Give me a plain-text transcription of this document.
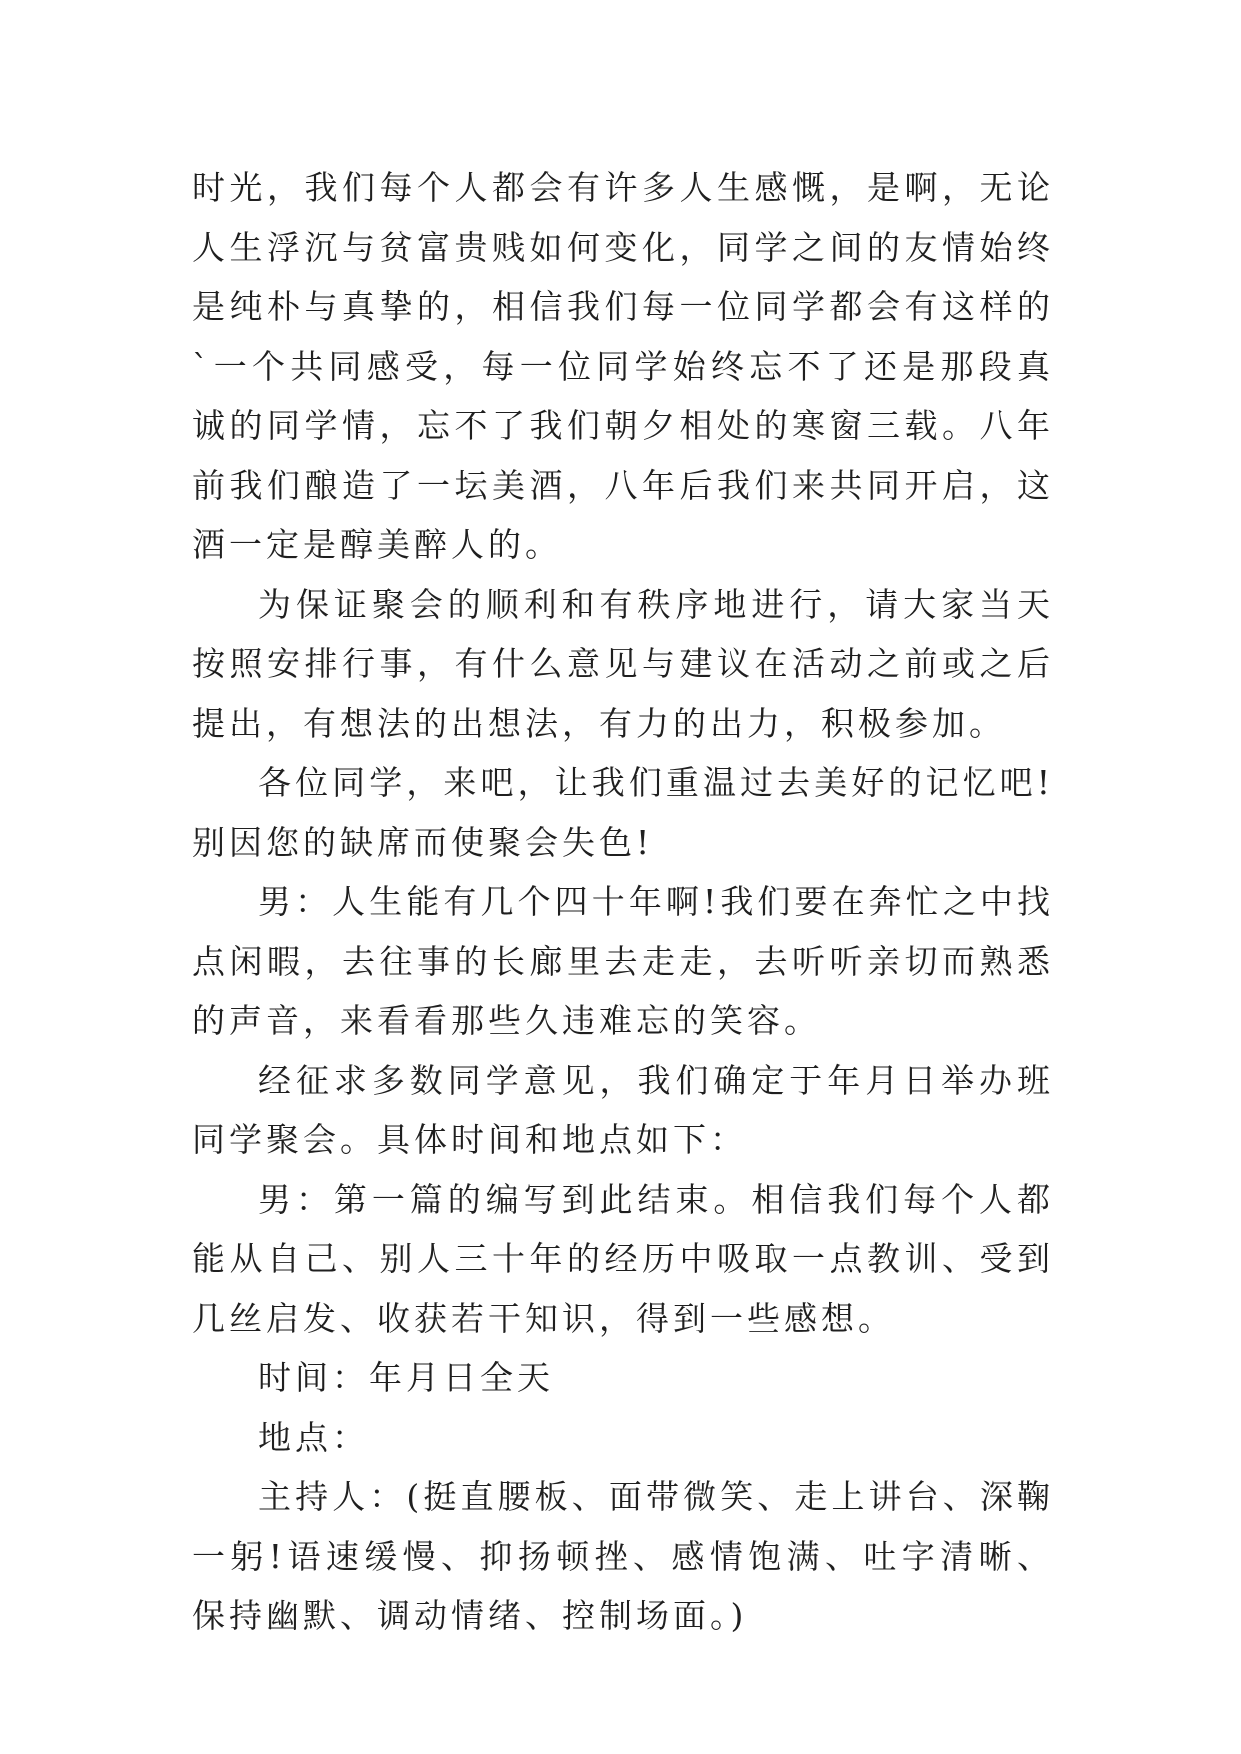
时光，我们每个人都会有许多人生感慨，是啊，无论人生浮沉与贫富贵贱如何变化，同学之间的友情始终是纯朴与真挚的，相信我们每一位同学都会有这样的`一个共同感受，每一位同学始终忘不了还是那段真诚的同学情，忘不了我们朝夕相处的寒窗三载。八年前我们酿造了一坛美酒，八年后我们来共同开启，这酒一定是醇美醉人的。

为保证聚会的顺利和有秩序地进行，请大家当天按照安排行事，有什么意见与建议在活动之前或之后提出，有想法的出想法，有力的出力，积极参加。

各位同学，来吧，让我们重温过去美好的记忆吧!别因您的缺席而使聚会失色!

男：人生能有几个四十年啊!我们要在奔忙之中找点闲暇，去往事的长廊里去走走，去听听亲切而熟悉的声音，来看看那些久违难忘的笑容。

经征求多数同学意见，我们确定于年月日举办班同学聚会。具体时间和地点如下：

男：第一篇的编写到此结束。相信我们每个人都能从自己、别人三十年的经历中吸取一点教训、受到几丝启发、收获若干知识，得到一些感想。

时间：年月日全天

地点：

主持人：(挺直腰板、面带微笑、走上讲台、深鞠一躬!语速缓慢、抑扬顿挫、感情饱满、吐字清晰、保持幽默、调动情绪、控制场面。)
